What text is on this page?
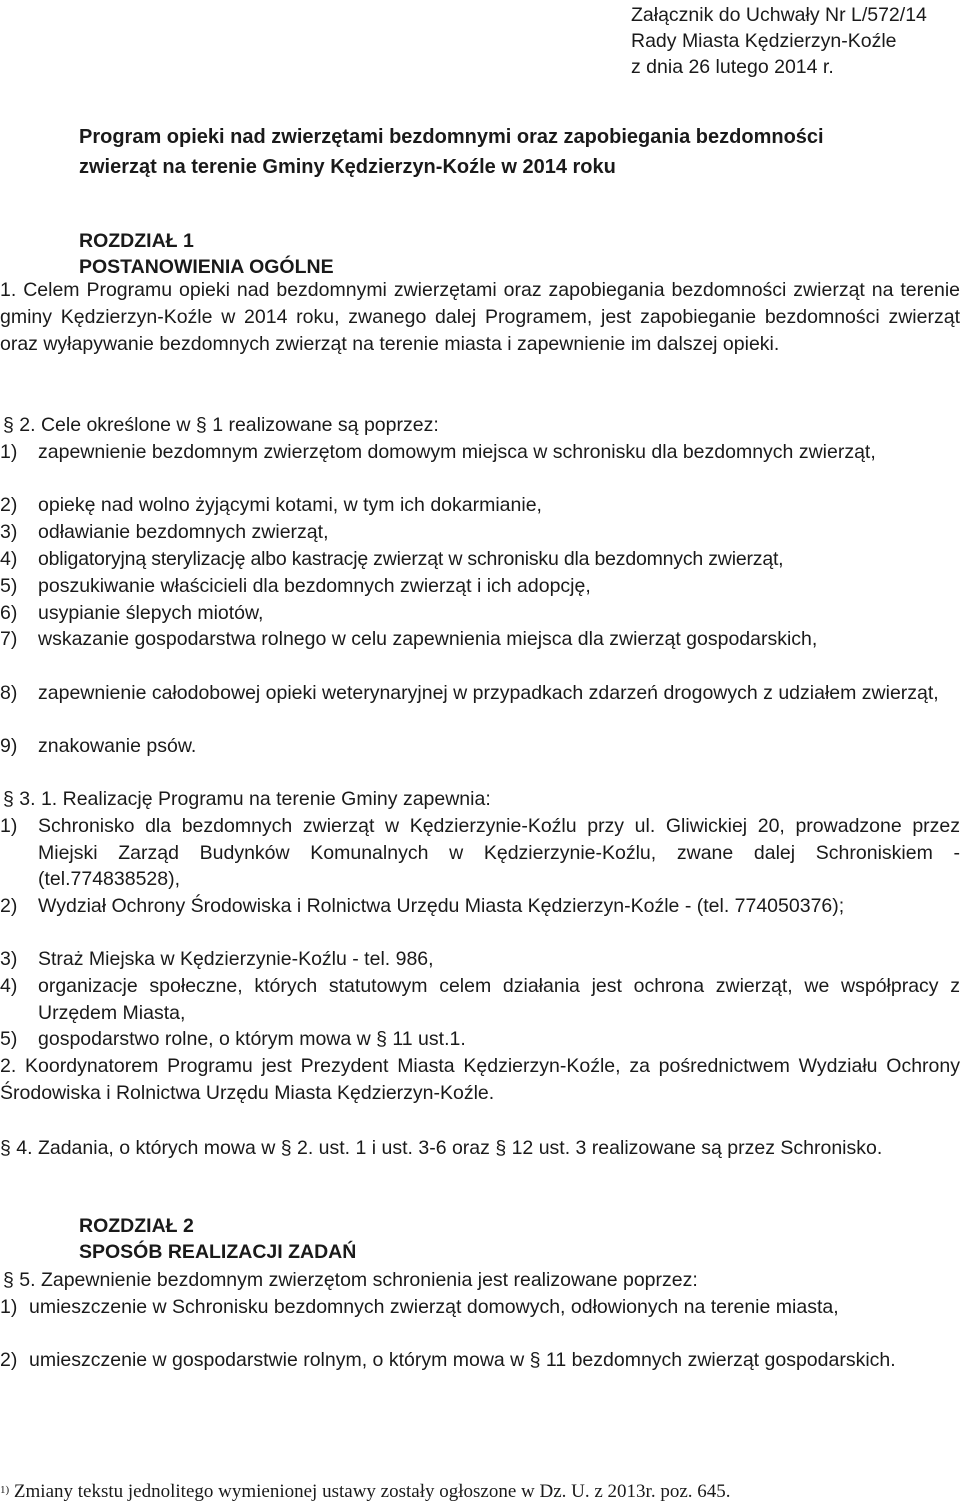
Załącznik do Uchwały Nr L/572/14
Rady Miasta Kędzierzyn-Koźle
z dnia 26 lutego 2014 r.
Program opieki nad zwierzętami bezdomnymi oraz zapobiegania bezdomności
zwierząt na terenie Gminy Kędzierzyn-Koźle w 2014 roku
ROZDZIAŁ 1
POSTANOWIENIA OGÓLNE
1. Celem Programu opieki nad bezdomnymi zwierzętami oraz zapobiegania bezdomności zwierząt na terenie gminy Kędzierzyn-Koźle w 2014 roku, zwanego dalej Programem, jest zapobieganie bezdomności zwierząt oraz wyłapywanie bezdomnych zwierząt na terenie miasta i zapewnienie im dalszej opieki.
§ 2. Cele określone w § 1 realizowane są poprzez:
1) zapewnienie bezdomnym zwierzętom domowym miejsca w schronisku dla bezdomnych zwierząt,
2) opiekę nad wolno żyjącymi kotami, w tym ich dokarmianie,
3) odławianie bezdomnych zwierząt,
4) obligatoryjną sterylizację albo kastrację zwierząt w schronisku dla bezdomnych zwierząt,
5) poszukiwanie właścicieli dla bezdomnych zwierząt i ich adopcję,
6) usypianie ślepych miotów,
7) wskazanie gospodarstwa rolnego w celu zapewnienia miejsca dla zwierząt gospodarskich,
8) zapewnienie całodobowej opieki weterynaryjnej w przypadkach zdarzeń drogowych z udziałem zwierząt,
9) znakowanie psów.
§ 3. 1. Realizację Programu na terenie Gminy zapewnia:
1) Schronisko dla bezdomnych zwierząt w Kędzierzynie-Koźlu przy ul. Gliwickiej 20, prowadzone przez Miejski Zarząd Budynków Komunalnych w Kędzierzynie-Koźlu, zwane dalej Schroniskiem - (tel.774838528),
2) Wydział Ochrony Środowiska i Rolnictwa Urzędu Miasta Kędzierzyn-Koźle - (tel. 774050376);
3) Straż Miejska w Kędzierzynie-Koźlu - tel. 986,
4) organizacje społeczne, których statutowym celem działania jest ochrona zwierząt, we współpracy z Urzędem Miasta,
5) gospodarstwo rolne, o którym mowa w § 11 ust.1.
2. Koordynatorem Programu jest Prezydent Miasta Kędzierzyn-Koźle, za pośrednictwem Wydziału Ochrony Środowiska i Rolnictwa Urzędu Miasta Kędzierzyn-Koźle.
§ 4. Zadania, o których mowa w § 2. ust. 1 i ust. 3-6 oraz § 12 ust. 3 realizowane są przez Schronisko.
ROZDZIAŁ 2
SPOSÓB REALIZACJI ZADAŃ
§ 5. Zapewnienie bezdomnym zwierzętom schronienia jest realizowane poprzez:
1) umieszczenie w Schronisku bezdomnych zwierząt domowych, odłowionych na terenie miasta,
2) umieszczenie w gospodarstwie rolnym, o którym mowa w § 11 bezdomnych zwierząt gospodarskich.
$^{1)}$ Zmiany tekstu jednolitego wymienionej ustawy zostały ogłoszone w Dz. U. z 2013r. poz. 645.
